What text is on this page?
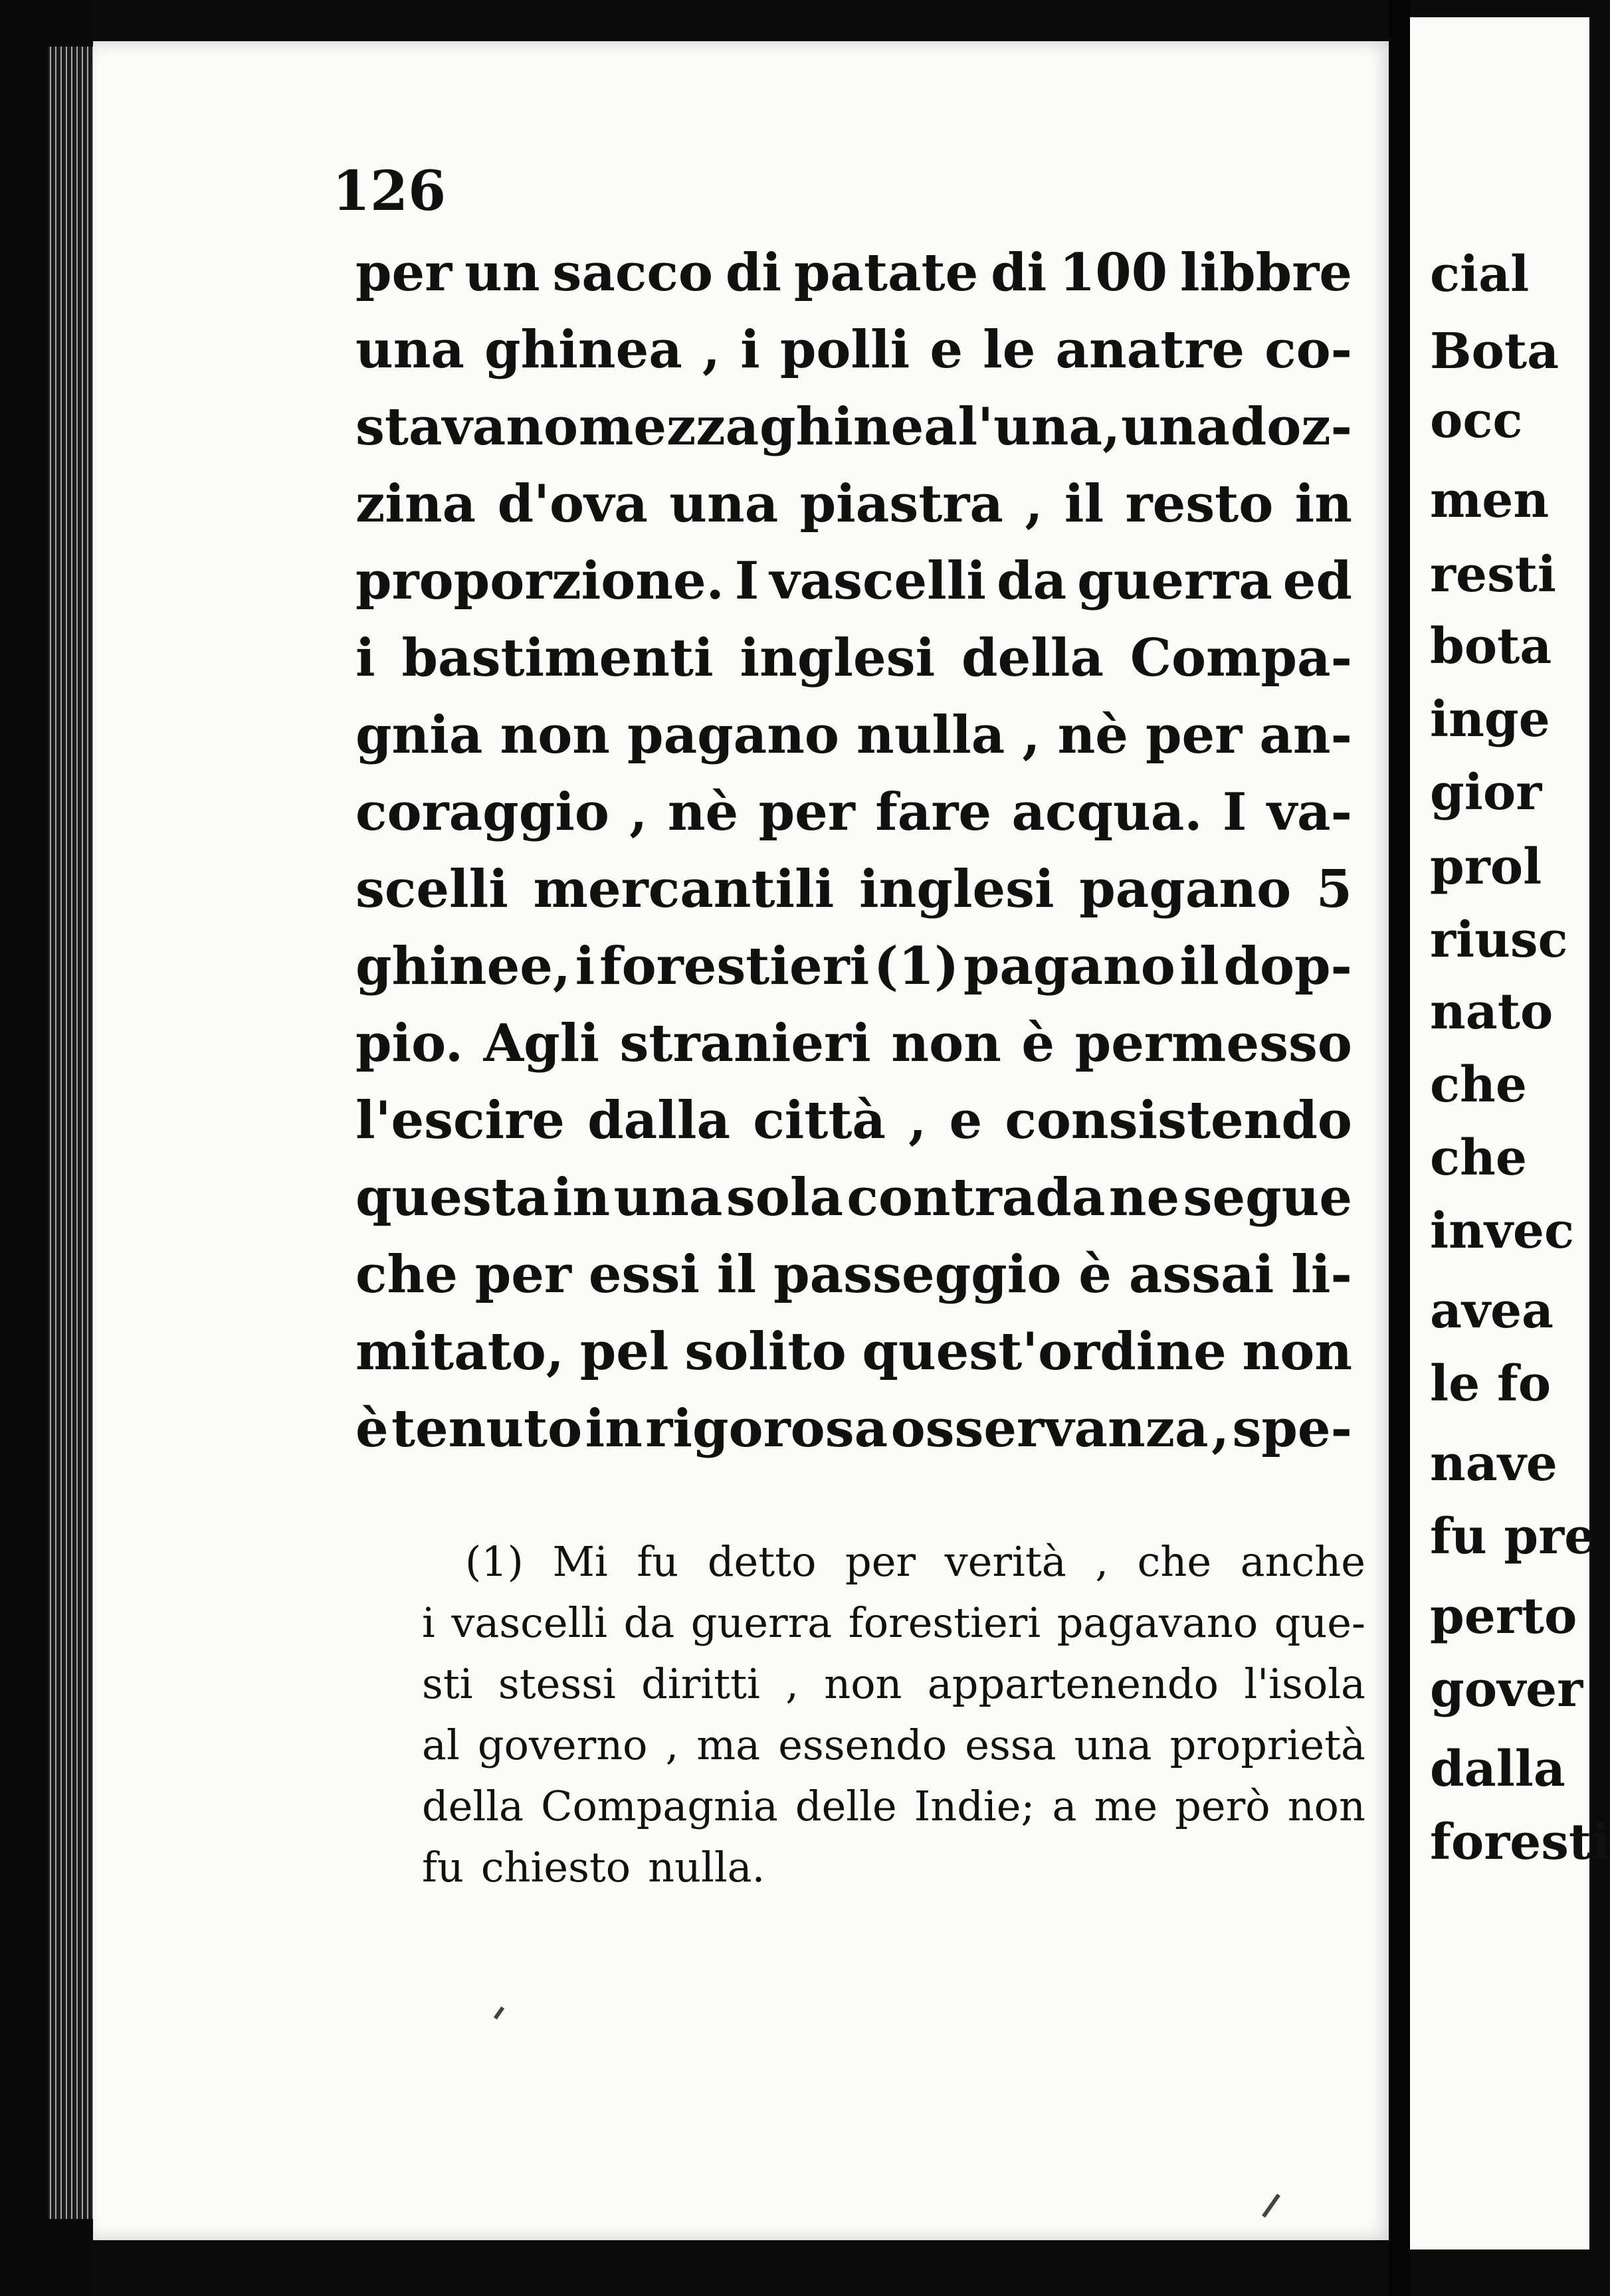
cial
Bota
occ
men
resti
bota
inge
gior
prol
riusc
nato
che
che
invec
avea
le fo
nave
fu pre
perto
gover
dalla
foresti
126
per un sacco di patate di 100 libbre
una ghinea , i polli e le anatre co-
stavano mezza ghinea l'una, una doz-
zina d'ova una piastra , il resto in
proporzione. I vascelli da guerra ed
i bastimenti inglesi della Compa-
gnia non pagano nulla , nè per an-
coraggio , nè per fare acqua. I va-
scelli mercantili inglesi pagano 5
ghinee, i forestieri (1) pagano il dop-
pio. Agli stranieri non è permesso
l'escire dalla città , e consistendo
questa in una sola contrada ne segue
che per essi il passeggio è assai li-
mitato, pel solito quest'ordine non
è tenuto in rigorosa osservanza , spe-
(1) Mi fu detto per verità , che anche
i vascelli da guerra forestieri pagavano que-
sti stessi diritti , non appartenendo l'isola
al governo , ma essendo essa una proprietà
della Compagnia delle Indie; a me però non
fu chiesto nulla.
